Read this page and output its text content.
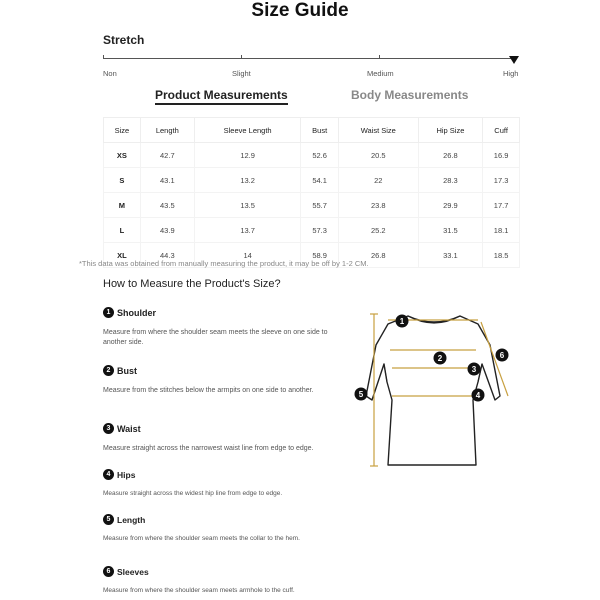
Size Guide
Stretch
Non	Slight	Medium	High
Product Measurements	Body Measurements
Size	Length	Sleeve Length	Bust	Waist Size	Hip Size	Cuff
XS	42.7	12.9	52.6	20.5	26.8	16.9
S	43.1	13.2	54.1	22	28.3	17.3
M	43.5	13.5	55.7	23.8	29.9	17.7
L	43.9	13.7	57.3	25.2	31.5	18.1
XL	44.3	14	58.9	26.8	33.1	18.5
*This data was obtained from manually measuring the product, it may be off by 1-2 CM.
How to Measure the Product's Size?
1 Shoulder
Measure from where the shoulder seam meets the sleeve on one side to another side.
2 Bust
Measure from the stitches below the armpits on one side to another.
3 Waist
Measure straight across the narrowest waist line from edge to edge.
4 Hips
Measure straight across the widest hip line from edge to edge.
5 Length
Measure from where the shoulder seam meets the collar to the hem.
6 Sleeves
Measure from where the shoulder seam meets armhole to the cuff.
1
2
3
4
5
6
